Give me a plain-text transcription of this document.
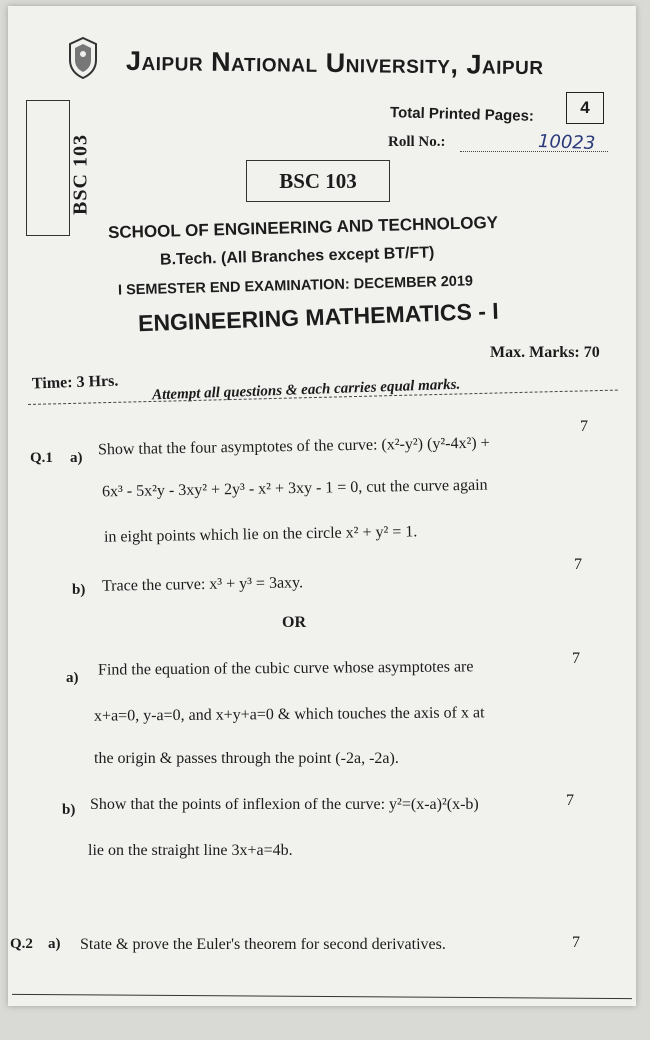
Jaipur National University, Jaipur
BSC 103
Total Printed Pages:	4
Roll No.:	10023
BSC 103
SCHOOL OF ENGINEERING AND TECHNOLOGY
B.Tech. (All Branches except BT/FT)
I SEMESTER END EXAMINATION: DECEMBER 2019
ENGINEERING MATHEMATICS - I
Max. Marks: 70
Time: 3 Hrs. Attempt all questions & each carries equal marks.
Q.1 a) Show that the four asymptotes of the curve: (x²-y²) (y²-4x²) +
7
6x³ - 5x²y - 3xy² + 2y³ - x² + 3xy - 1 = 0, cut the curve again
in eight points which lie on the circle x² + y² = 1.
b) Trace the curve: x³ + y³ = 3axy.
7
OR
a) Find the equation of the cubic curve whose asymptotes are	7
x+a=0, y-a=0, and x+y+a=0 & which touches the axis of x at
the origin & passes through the point (-2a, -2a).
b) Show that the points of inflexion of the curve: y²=(x-a)²(x-b)	7
lie on the straight line 3x+a=4b.
Q.2 a) State & prove the Euler's theorem for second derivatives.	7
